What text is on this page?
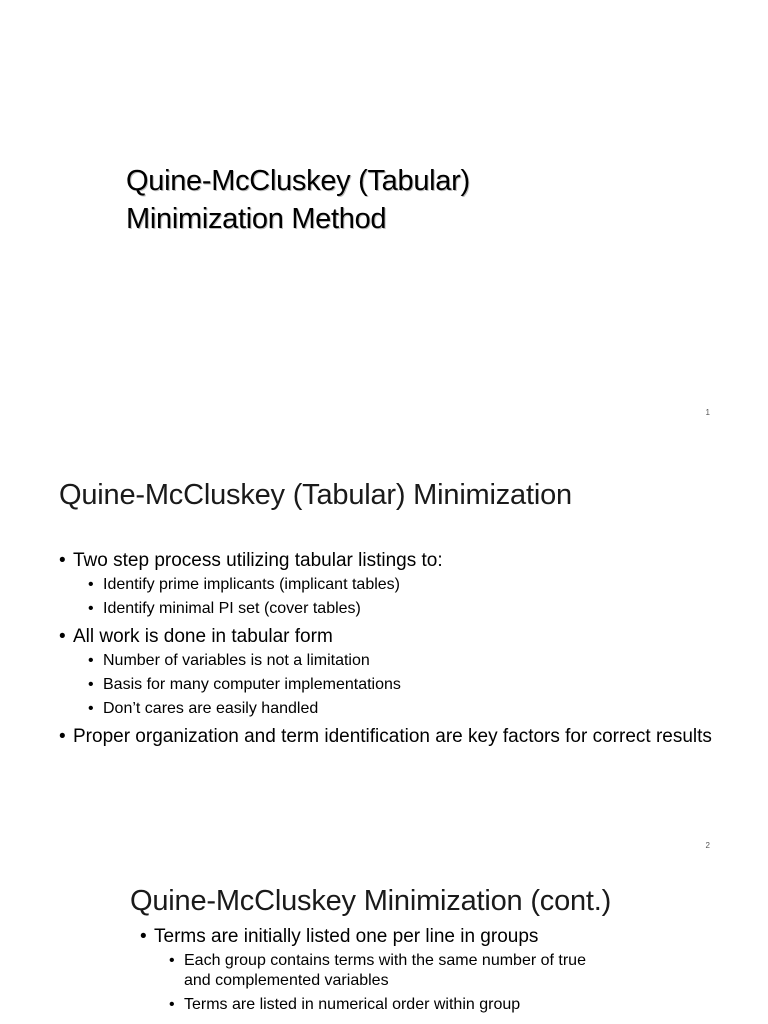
Quine-McCluskey (Tabular)
Minimization Method
1
Quine-McCluskey (Tabular) Minimization
• Two step process utilizing tabular listings to:
• Identify prime implicants (implicant tables)
• Identify minimal PI set (cover tables)
• All work is done in tabular form
• Number of variables is not a limitation
• Basis for many computer implementations
• Don’t cares are easily handled
• Proper organization and term identification are key factors for correct results
2
Quine-McCluskey Minimization (cont.)
• Terms are initially listed one per line in groups
• Each group contains terms with the same number of true and complemented variables
• Terms are listed in numerical order within group
